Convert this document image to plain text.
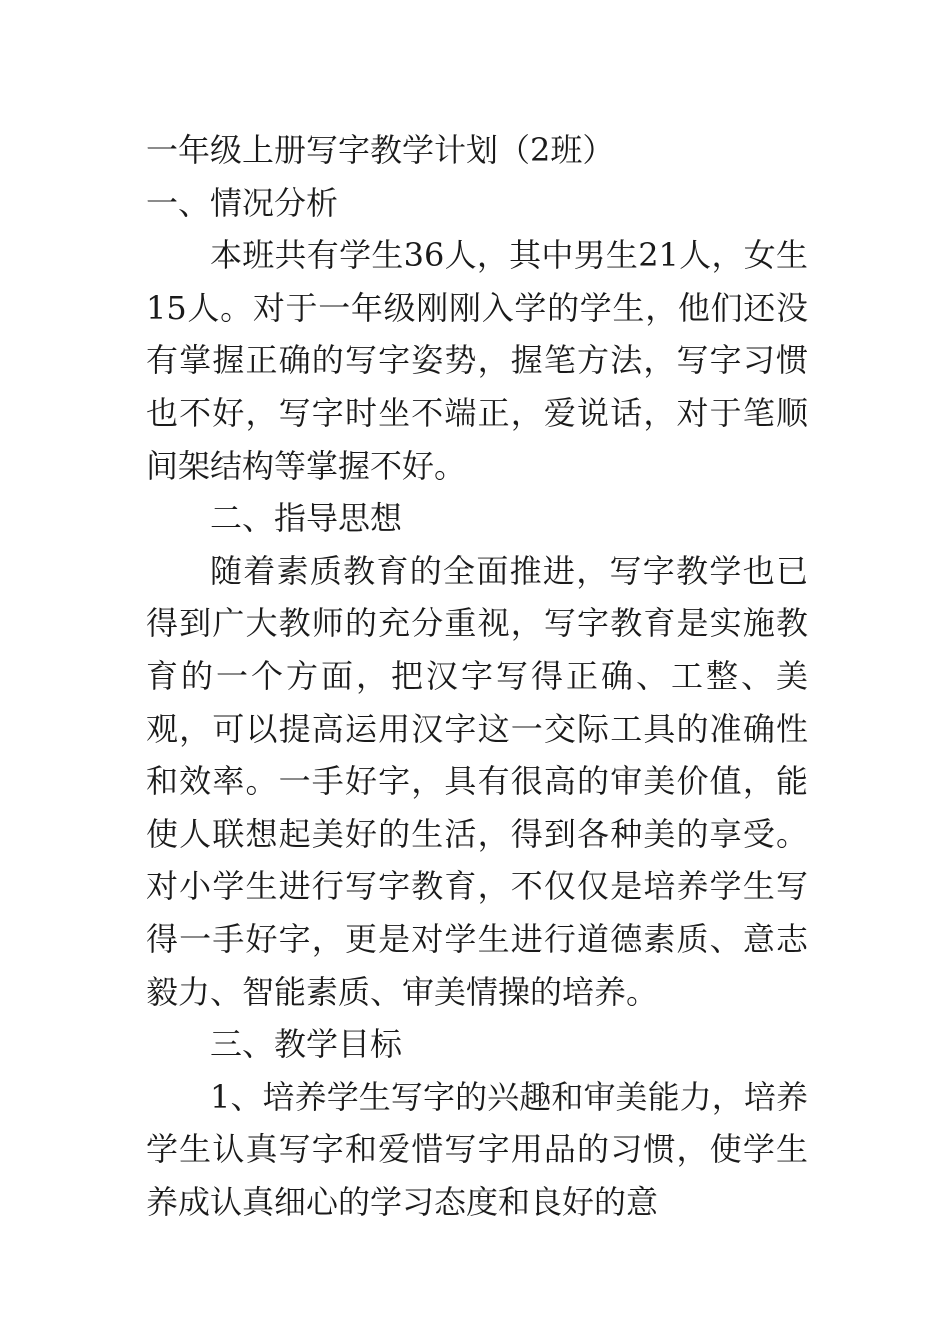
一年级上册写字教学计划（2班）

一、情况分析

本班共有学生36人，其中男生21人，女生15人。对于一年级刚刚入学的学生，他们还没有掌握正确的写字姿势，握笔方法，写字习惯也不好，写字时坐不端正，爱说话，对于笔顺间架结构等掌握不好。

二、指导思想

随着素质教育的全面推进，写字教学也已得到广大教师的充分重视，写字教育是实施教育的一个方面，把汉字写得正确、工整、美观，可以提高运用汉字这一交际工具的准确性和效率。一手好字，具有很高的审美价值，能使人联想起美好的生活，得到各种美的享受。对小学生进行写字教育，不仅仅是培养学生写得一手好字，更是对学生进行道德素质、意志毅力、智能素质、审美情操的培养。

三、教学目标

1、培养学生写字的兴趣和审美能力，培养学生认真写字和爱惜写字用品的习惯，使学生养成认真细心的学习态度和良好的意
